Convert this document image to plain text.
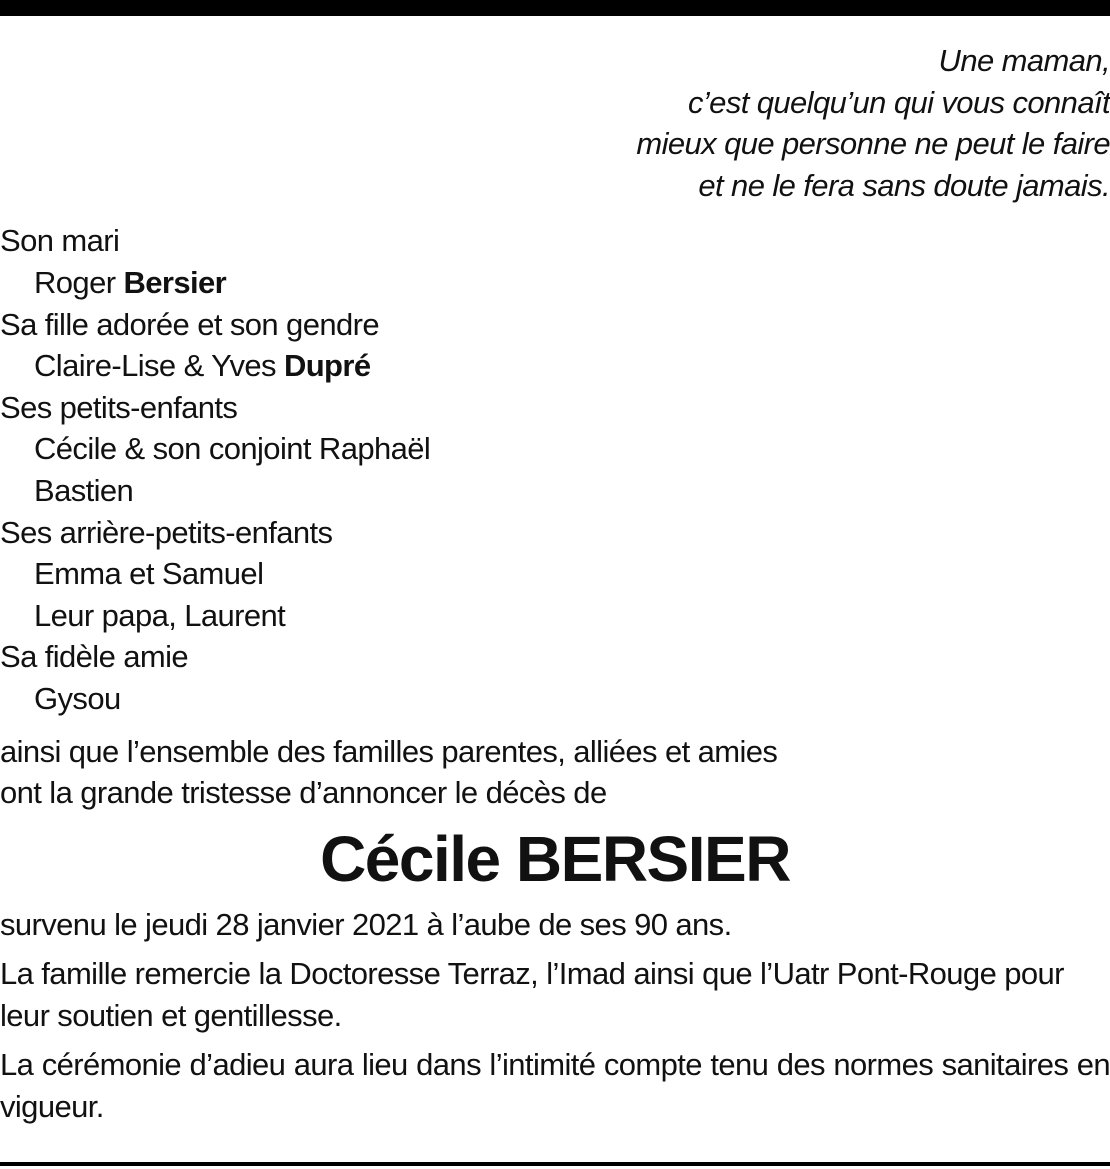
Une maman,
c’est quelqu’un qui vous connaît
mieux que personne ne peut le faire
et ne le fera sans doute jamais.
Son mari
Roger Bersier
Sa fille adorée et son gendre
Claire-Lise & Yves Dupré
Ses petits-enfants
Cécile & son conjoint Raphaël
Bastien
Ses arrière-petits-enfants
Emma et Samuel
Leur papa, Laurent
Sa fidèle amie
Gysou
ainsi que l’ensemble des familles parentes, alliées et amies
ont la grande tristesse d’annoncer le décès de
Cécile BERSIER
survenu le jeudi 28 janvier 2021 à l’aube de ses 90 ans.
La famille remercie la Doctoresse Terraz, l’Imad ainsi que l’Uatr Pont-Rouge pour leur soutien et gentillesse.
La cérémonie d’adieu aura lieu dans l’intimité compte tenu des normes sanitaires en vigueur.
